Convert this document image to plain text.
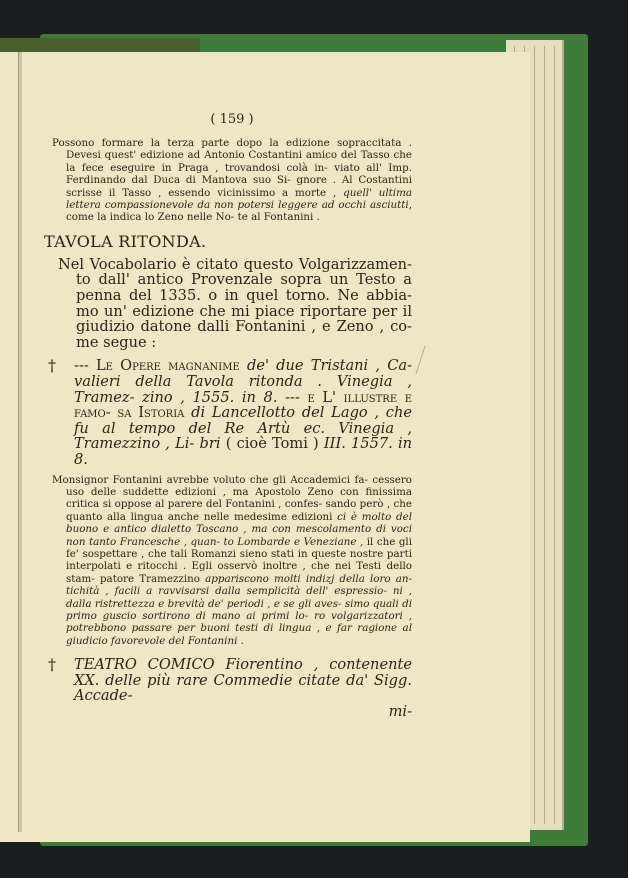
( 159 )

Possono formare la terza parte dopo la edizione sopraccitata . Devesi quest' edizione ad Antonio Costantini amico del Tasso che la fece eseguire in Praga , trovandosi colà in- viato all' Imp. Ferdinando dal Duca di Mantova suo Si- gnore . Al Costantini scrisse il Tasso , essendo vicinissimo a morte , quell' ultima lettera compassionevole da non potersi leggere ad occhi asciutti, come la indica lo Zeno nelle No- te al Fontanini .

TAVOLA RITONDA.

Nel Vocabolario è citato questo Volgarizzamen- to dall' antico Provenzale sopra un Testo a penna del 1335. o in quel torno. Ne abbia- mo un' edizione che mi piace riportare per il giudizio datone dalli Fontanini , e Zeno , co- me segue :

† --- Le Opere magnanime de' due Tristani , Ca- valieri della Tavola ritonda . Vinegia , Tramez- zino , 1555. in 8. --- e L' illustre e famo- sa Istoria di Lancellotto del Lago , che fu al tempo del Re Artù ec. Vinegia , Tramezzino , Li- bri ( cioè Tomi ) III. 1557. in 8.

Monsignor Fontanini avrebbe voluto che gli Accademici fa- cessero uso delle suddette edizioni , ma Apostolo Zeno con finissima critica si oppose al parere del Fontanini , confes- sando però , che quanto alla lingua anche nelle medesime edizioni ci è molto del buono e antico dialetto Toscano , ma con mescolamento di voci non tanto Francesche , quan- to Lombarde e Veneziane , il che gli fe' sospettare , che tali Romanzi sieno stati in queste nostre parti interpolati e ritocchi . Egli osservò inoltre , che nei Testi dello stam- patore Tramezzino appariscono molti indizj della loro an- tichità , facili a ravvisarsi dalla semplicità dell' espressio- ni , dalla ristrettezza e brevità de' periodi , e se gli aves- simo quali di primo guscio sortirono di mano ai primi lo- ro volgarizzatori , potrebbono passare per buoni testi di lingua , e far ragione al giudicio favorevole del Fontanini .

† TEATRO COMICO Fiorentino , contenente XX. delle più rare Commedie citate da' Sigg. Accade-
mi-
